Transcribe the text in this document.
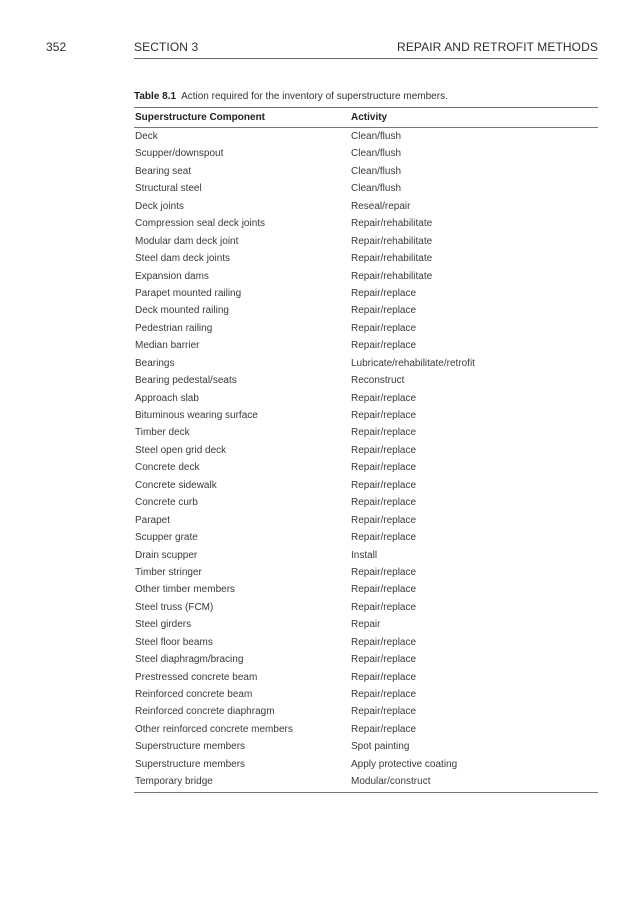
352	SECTION 3	REPAIR AND RETROFIT METHODS
Table 8.1 Action required for the inventory of superstructure members.
Superstructure Component	Activity
Deck	Clean/flush
Scupper/downspout	Clean/flush
Bearing seat	Clean/flush
Structural steel	Clean/flush
Deck joints	Reseal/repair
Compression seal deck joints	Repair/rehabilitate
Modular dam deck joint	Repair/rehabilitate
Steel dam deck joints	Repair/rehabilitate
Expansion dams	Repair/rehabilitate
Parapet mounted railing	Repair/replace
Deck mounted railing	Repair/replace
Pedestrian railing	Repair/replace
Median barrier	Repair/replace
Bearings	Lubricate/rehabilitate/retrofit
Bearing pedestal/seats	Reconstruct
Approach slab	Repair/replace
Bituminous wearing surface	Repair/replace
Timber deck	Repair/replace
Steel open grid deck	Repair/replace
Concrete deck	Repair/replace
Concrete sidewalk	Repair/replace
Concrete curb	Repair/replace
Parapet	Repair/replace
Scupper grate	Repair/replace
Drain scupper	Install
Timber stringer	Repair/replace
Other timber members	Repair/replace
Steel truss (FCM)	Repair/replace
Steel girders	Repair
Steel floor beams	Repair/replace
Steel diaphragm/bracing	Repair/replace
Prestressed concrete beam	Repair/replace
Reinforced concrete beam	Repair/replace
Reinforced concrete diaphragm	Repair/replace
Other reinforced concrete members	Repair/replace
Superstructure members	Spot painting
Superstructure members	Apply protective coating
Temporary bridge	Modular/construct
